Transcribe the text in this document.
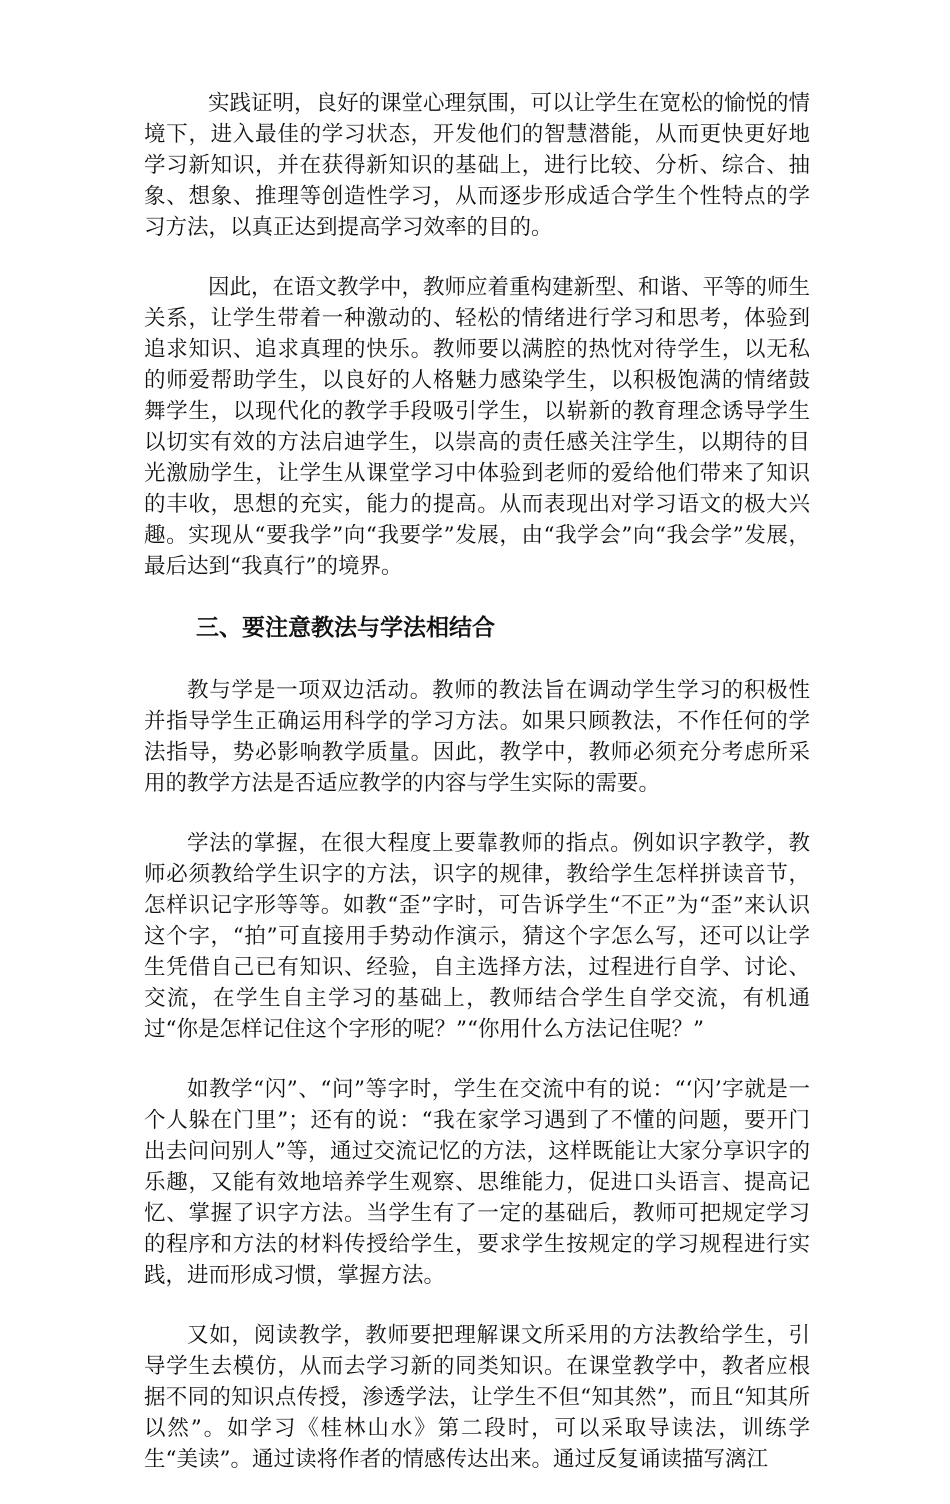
实践证明，良好的课堂心理氛围，可以让学生在宽松的愉悦的情境下，进入最佳的学习状态，开发他们的智慧潜能，从而更快更好地学习新知识，并在获得新知识的基础上，进行比较、分析、综合、抽象、想象、推理等创造性学习，从而逐步形成适合学生个性特点的学习方法，以真正达到提高学习效率的目的。

因此，在语文教学中，教师应着重构建新型、和谐、平等的师生关系，让学生带着一种激动的、轻松的情绪进行学习和思考，体验到追求知识、追求真理的快乐。教师要以满腔的热忱对待学生，以无私的师爱帮助学生，以良好的人格魅力感染学生，以积极饱满的情绪鼓舞学生，以现代化的教学手段吸引学生，以崭新的教育理念诱导学生以切实有效的方法启迪学生，以崇高的责任感关注学生，以期待的目光激励学生，让学生从课堂学习中体验到老师的爱给他们带来了知识的丰收，思想的充实，能力的提高。从而表现出对学习语文的极大兴趣。实现从“要我学”向“我要学”发展，由“我学会”向“我会学”发展，最后达到“我真行”的境界。

三、要注意教法与学法相结合

教与学是一项双边活动。教师的教法旨在调动学生学习的积极性并指导学生正确运用科学的学习方法。如果只顾教法，不作任何的学法指导，势必影响教学质量。因此，教学中，教师必须充分考虑所采用的教学方法是否适应教学的内容与学生实际的需要。

学法的掌握，在很大程度上要靠教师的指点。例如识字教学，教师必须教给学生识字的方法，识字的规律，教给学生怎样拼读音节，怎样识记字形等等。如教“歪”字时，可告诉学生“不正”为“歪”来认识这个字，“拍”可直接用手势动作演示，猜这个字怎么写，还可以让学生凭借自己已有知识、经验，自主选择方法，过程进行自学、讨论、交流，在学生自主学习的基础上，教师结合学生自学交流，有机通过“你是怎样记住这个字形的呢？”“你用什么方法记住呢？”

如教学“闪”、“问”等字时，学生在交流中有的说：“‘闪’字就是一个人躲在门里”；还有的说：“我在家学习遇到了不懂的问题，要开门出去问问别人”等，通过交流记忆的方法，这样既能让大家分享识字的乐趣，又能有效地培养学生观察、思维能力，促进口头语言、提高记忆、掌握了识字方法。当学生有了一定的基础后，教师可把规定学习的程序和方法的材料传授给学生，要求学生按规定的学习规程进行实践，进而形成习惯，掌握方法。

又如，阅读教学，教师要把理解课文所采用的方法教给学生，引导学生去模仿，从而去学习新的同类知识。在课堂教学中，教者应根据不同的知识点传授，渗透学法，让学生不但“知其然”，而且“知其所以然”。如学习《桂林山水》第二段时，可以采取导读法，训练学生“美读”。通过读将作者的情感传达出来。通过反复诵读描写漓江
